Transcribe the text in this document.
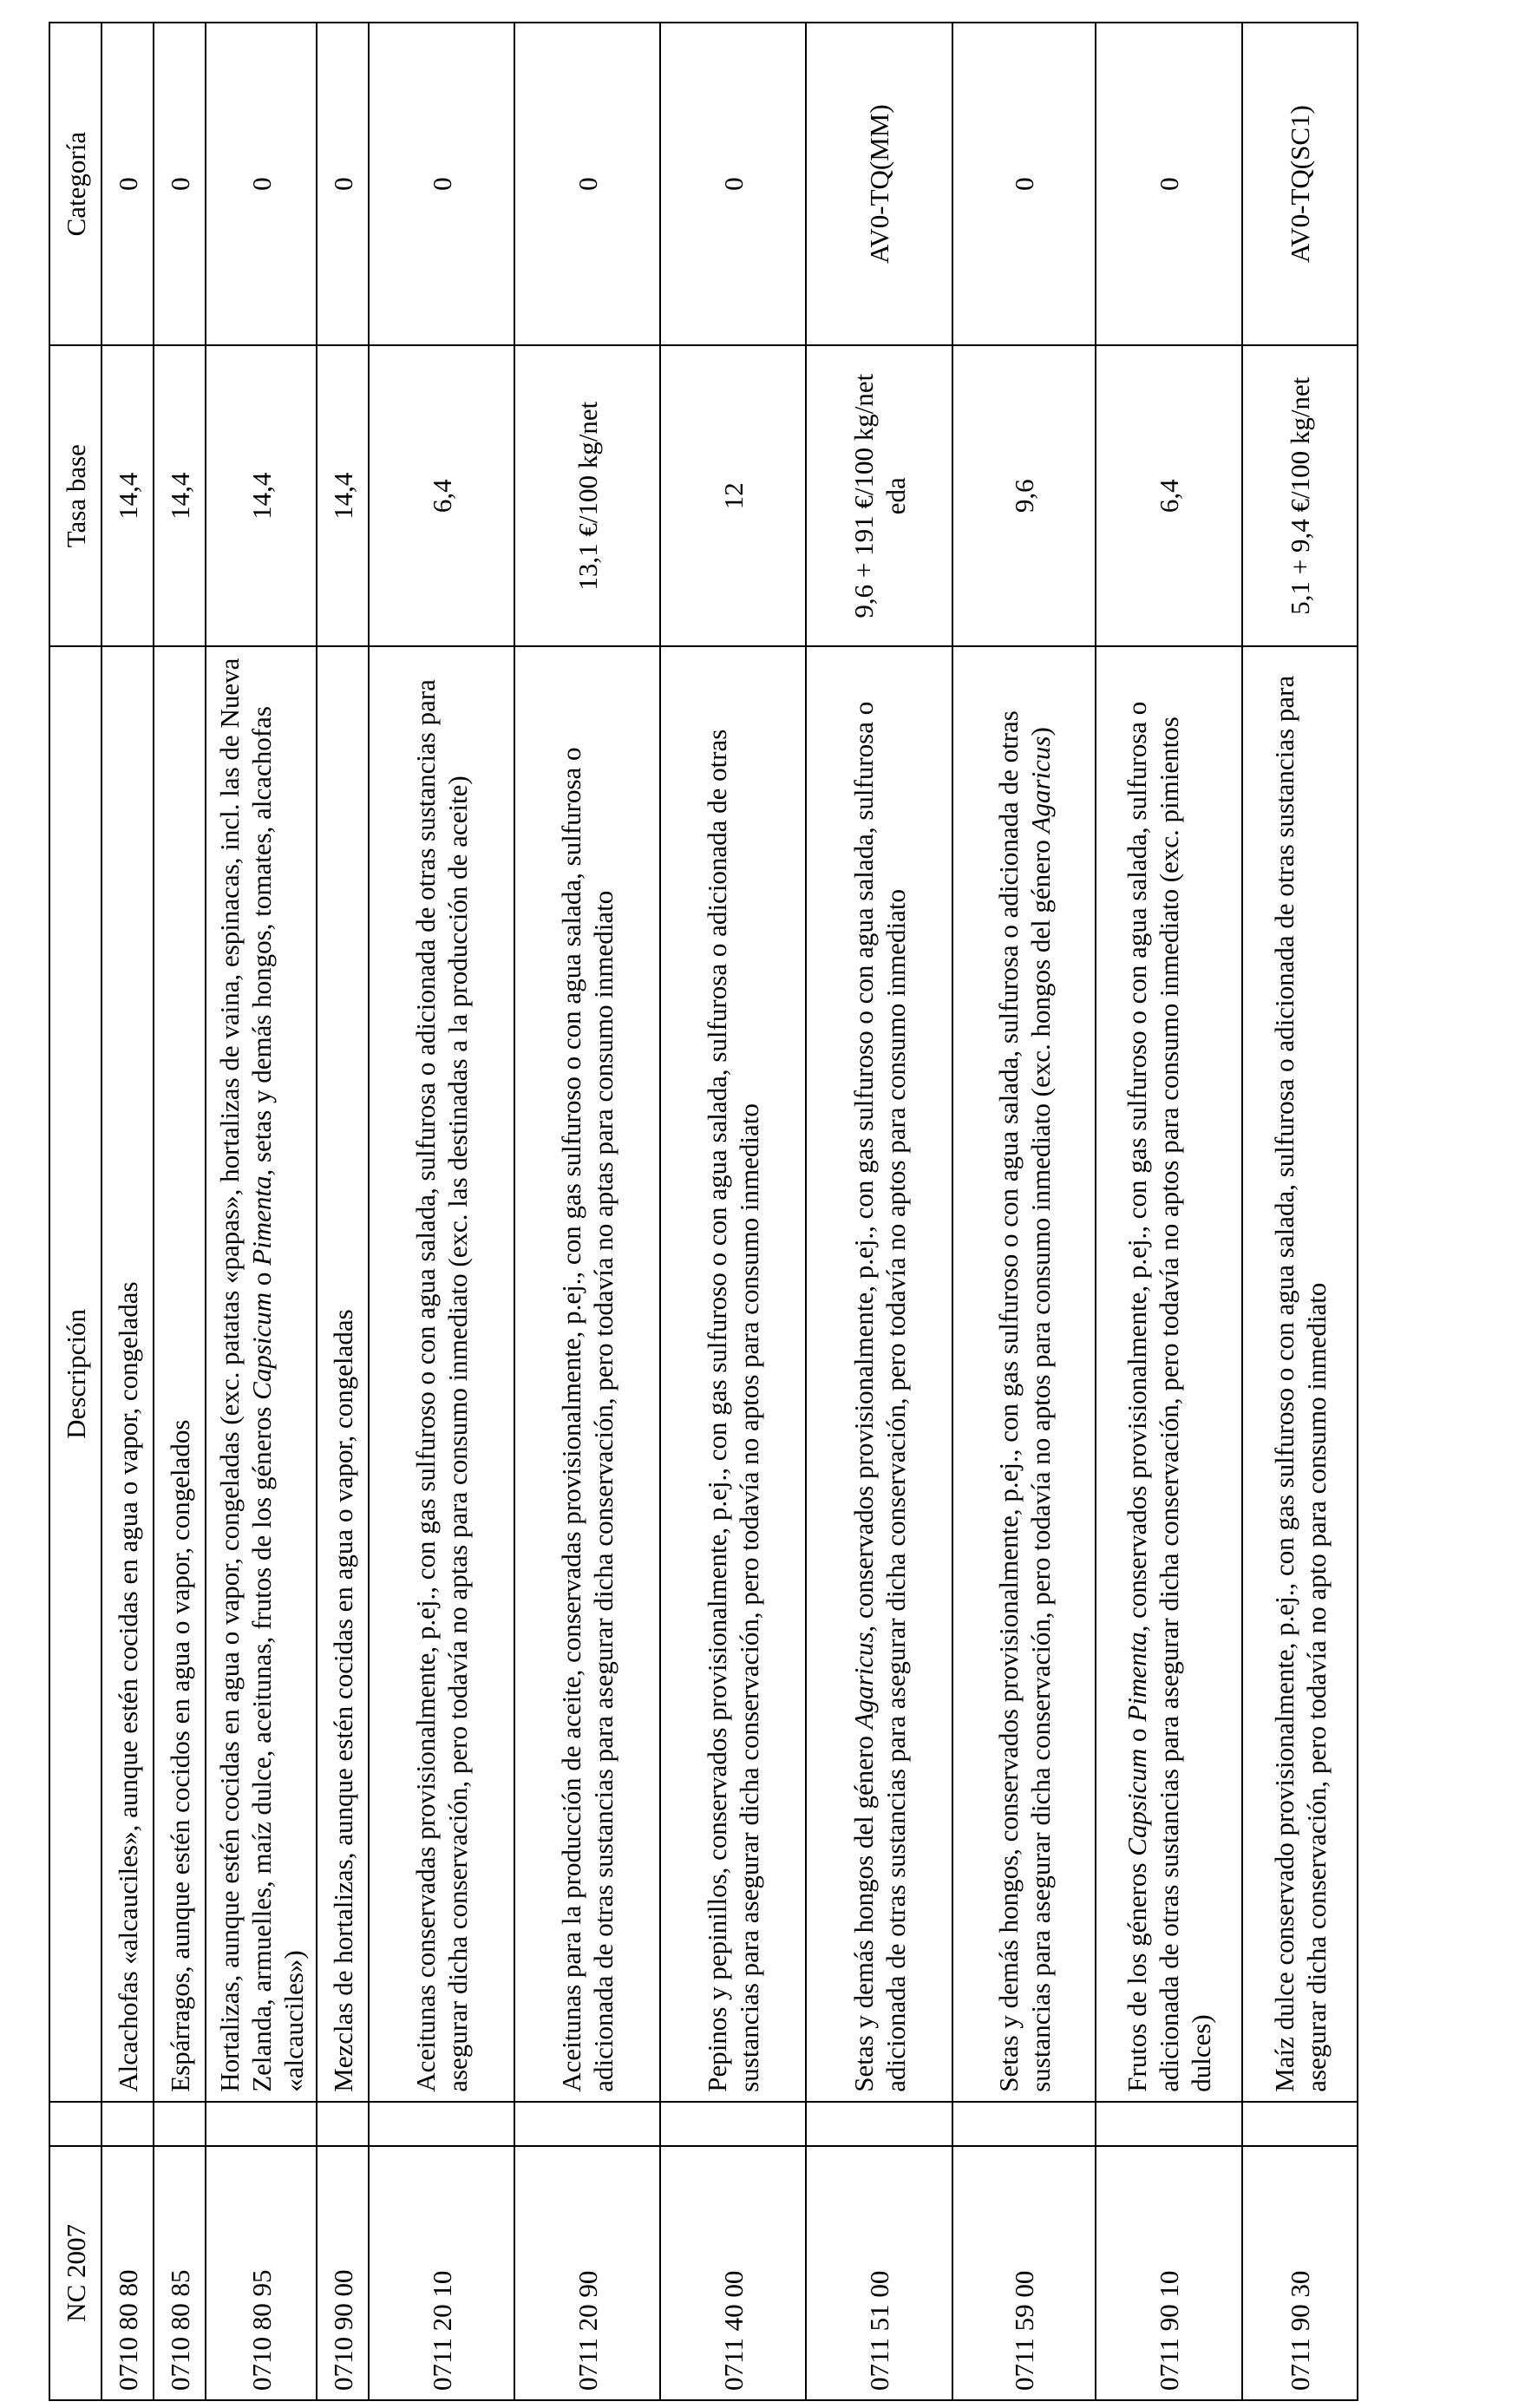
NC 2007		Descripción	Tasa base	Categoría
0710 80 80		Alcachofas «alcauciles», aunque estén cocidas en agua o vapor, congeladas	14,4	0
0710 80 85		Espárragos, aunque estén cocidos en agua o vapor, congelados	14,4	0
0710 80 95		Hortalizas, aunque estén cocidas en agua o vapor, congeladas (exc. patatas «papas», hortalizas de vaina, espinacas, incl. las de Nueva Zelanda, armuelles, maíz dulce, aceitunas, frutos de los géneros Capsicum o Pimenta, setas y demás hongos, tomates, alcachofas «alcauciles»)	14,4	0
0710 90 00		Mezclas de hortalizas, aunque estén cocidas en agua o vapor, congeladas	14,4	0
0711 20 10		Aceitunas conservadas provisionalmente, p.ej., con gas sulfuroso o con agua salada, sulfurosa o adicionada de otras sustancias para asegurar dicha conservación, pero todavía no aptas para consumo inmediato (exc. las destinadas a la producción de aceite)	6,4	0
0711 20 90		Aceitunas para la producción de aceite, conservadas provisionalmente, p.ej., con gas sulfuroso o con agua salada, sulfurosa o adicionada de otras sustancias para asegurar dicha conservación, pero todavía no aptas para consumo inmediato	13,1 €/100 kg/net	0
0711 40 00		Pepinos y pepinillos, conservados provisionalmente, p.ej., con gas sulfuroso o con agua salada, sulfurosa o adicionada de otras sustancias para asegurar dicha conservación, pero todavía no aptos para consumo inmediato	12	0
0711 51 00		Setas y demás hongos del género Agaricus, conservados provisionalmente, p.ej., con gas sulfuroso o con agua salada, sulfurosa o adicionada de otras sustancias para asegurar dicha conservación, pero todavía no aptos para consumo inmediato	9,6 + 191 €/100 kg/net eda	AV0-TQ(MM)
0711 59 00		Setas y demás hongos, conservados provisionalmente, p.ej., con gas sulfuroso o con agua salada, sulfurosa o adicionada de otras sustancias para asegurar dicha conservación, pero todavía no aptos para consumo inmediato (exc. hongos del género Agaricus)	9,6	0
0711 90 10		Frutos de los géneros Capsicum o Pimenta, conservados provisionalmente, p.ej., con gas sulfuroso o con agua salada, sulfurosa o adicionada de otras sustancias para asegurar dicha conservación, pero todavía no aptos para consumo inmediato (exc. pimientos dulces)	6,4	0
0711 90 30		Maíz dulce conservado provisionalmente, p.ej., con gas sulfuroso o con agua salada, sulfurosa o adicionada de otras sustancias para asegurar dicha conservación, pero todavía no apto para consumo inmediato	5,1 + 9,4 €/100 kg/net	AV0-TQ(SC1)
